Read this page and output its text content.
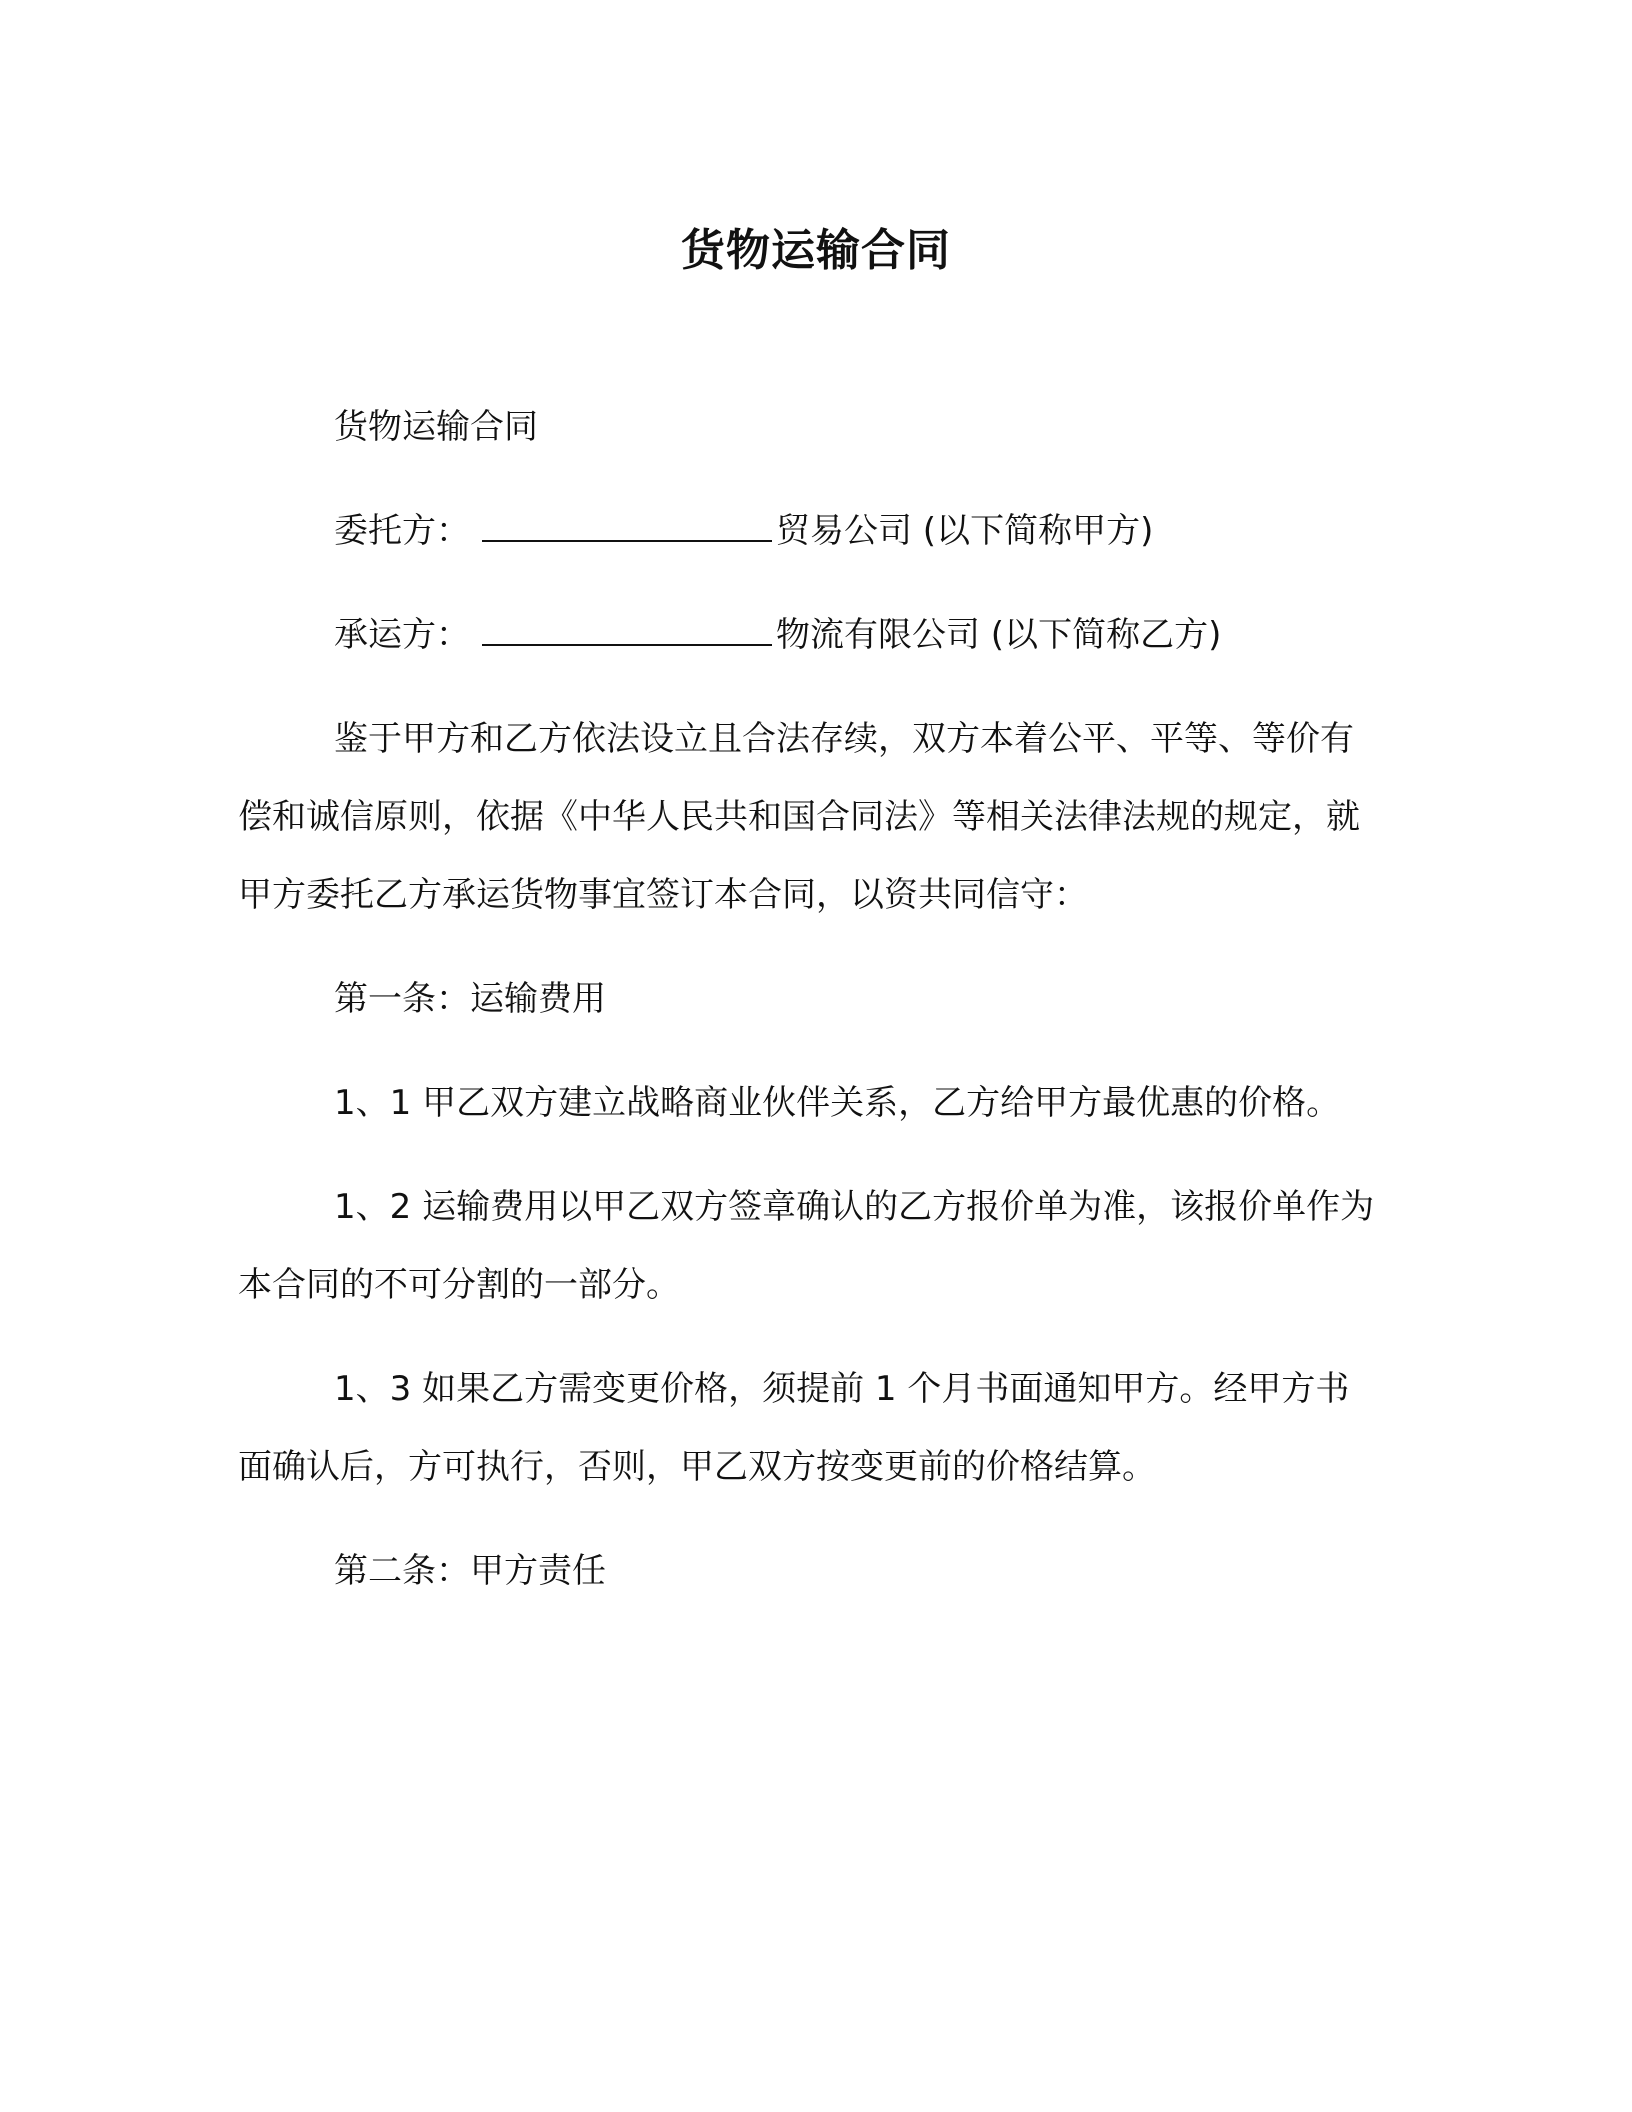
货物运输合同

货物运输合同

委托方：	贸易公司 (以下简称甲方)

承运方：	物流有限公司 (以下简称乙方)

鉴于甲方和乙方依法设立且合法存续，双方本着公平、平等、等价有偿和诚信原则，依据《中华人民共和国合同法》等相关法律法规的规定，就甲方委托乙方承运货物事宜签订本合同，以资共同信守：

第一条：运输费用

1、1 甲乙双方建立战略商业伙伴关系，乙方给甲方最优惠的价格。

1、2 运输费用以甲乙双方签章确认的乙方报价单为准，该报价单作为本合同的不可分割的一部分。

1、3 如果乙方需变更价格，须提前 1 个月书面通知甲方。经甲方书面确认后，方可执行，否则，甲乙双方按变更前的价格结算。

第二条：甲方责任
